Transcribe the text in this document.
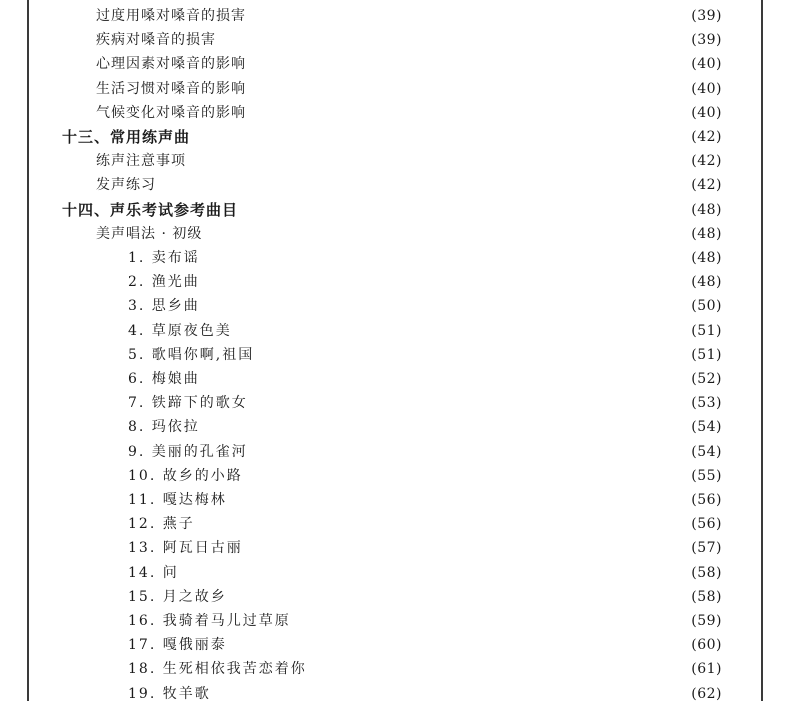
过度用嗓对嗓音的损害	(39)
疾病对嗓音的损害	(39)
心理因素对嗓音的影响	(40)
生活习惯对嗓音的影响	(40)
气候变化对嗓音的影响	(40)
十三、常用练声曲	(42)
练声注意事项	(42)
发声练习	(42)
十四、声乐考试参考曲目	(48)
美声唱法 · 初级	(48)
1. 卖布谣	(48)
2. 渔光曲	(48)
3. 思乡曲	(50)
4. 草原夜色美	(51)
5. 歌唱你啊,祖国	(51)
6. 梅娘曲	(52)
7. 铁蹄下的歌女	(53)
8. 玛依拉	(54)
9. 美丽的孔雀河	(54)
10. 故乡的小路	(55)
11. 嘎达梅林	(56)
12. 燕子	(56)
13. 阿瓦日古丽	(57)
14. 问	(58)
15. 月之故乡	(58)
16. 我骑着马儿过草原	(59)
17. 嘎俄丽泰	(60)
18. 生死相依我苦恋着你	(61)
19. 牧羊歌	(62)
